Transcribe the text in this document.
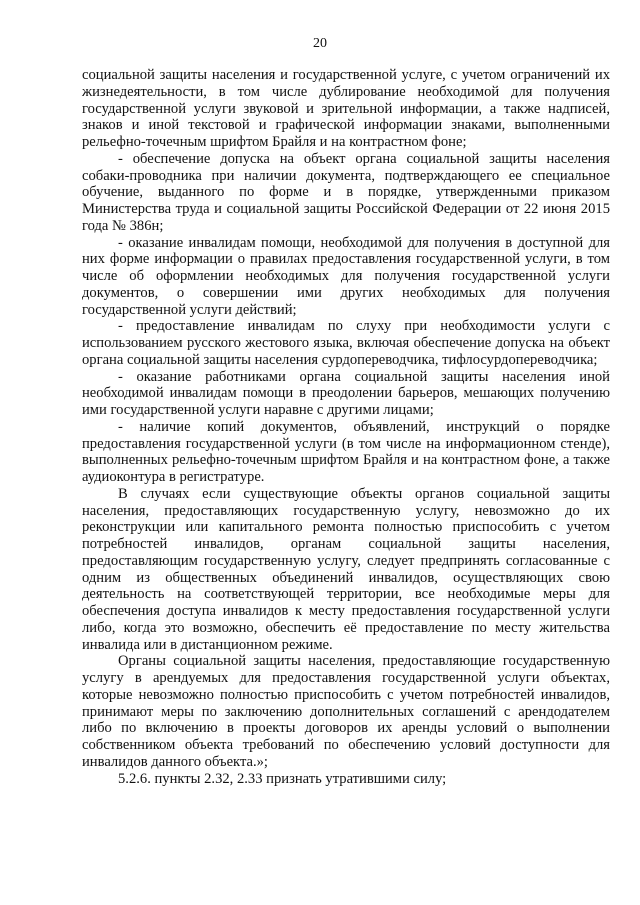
20

социальной защиты населения и государственной услуге, с учетом ограничений их жизнедеятельности, в том числе дублирование необходимой для получения государственной услуги звуковой и зрительной информации, а также надписей, знаков и иной текстовой и графической информации знаками, выполненными рельефно-точечным шрифтом Брайля и на контрастном фоне;

- обеспечение допуска на объект органа социальной защиты населения собаки-проводника при наличии документа, подтверждающего ее специальное обучение, выданного по форме и в порядке, утвержденными приказом Министерства труда и социальной защиты Российской Федерации от 22 июня 2015 года № 386н;

- оказание инвалидам помощи, необходимой для получения в доступной для них форме информации о правилах предоставления государственной услуги, в том числе об оформлении необходимых для получения государственной услуги документов, о совершении ими других необходимых для получения государственной услуги действий;

- предоставление инвалидам по слуху при необходимости услуги с использованием русского жестового языка, включая обеспечение допуска на объект органа социальной защиты населения сурдопереводчика, тифлосурдопереводчика;

- оказание работниками органа социальной защиты населения иной необходимой инвалидам помощи в преодолении барьеров, мешающих получению ими государственной услуги наравне с другими лицами;

- наличие копий документов, объявлений, инструкций о порядке предоставления государственной услуги (в том числе на информационном стенде), выполненных рельефно-точечным шрифтом Брайля и на контрастном фоне, а также аудиоконтура в регистратуре.

В случаях если существующие объекты органов социальной защиты населения, предоставляющих государственную услугу, невозможно до их реконструкции или капитального ремонта полностью приспособить с учетом потребностей инвалидов, органам социальной защиты населения, предоставляющим государственную услугу, следует предпринять согласованные с одним из общественных объединений инвалидов, осуществляющих свою деятельность на соответствующей территории, все необходимые меры для обеспечения доступа инвалидов к месту предоставления государственной услуги либо, когда это возможно, обеспечить её предоставление по месту жительства инвалида или в дистанционном режиме.

Органы социальной защиты населения, предоставляющие государственную услугу в арендуемых для предоставления государственной услуги объектах, которые невозможно полностью приспособить с учетом потребностей инвалидов, принимают меры по заключению дополнительных соглашений с арендодателем либо по включению в проекты договоров их аренды условий о выполнении собственником объекта требований по обеспечению условий доступности для инвалидов данного объекта.»;

5.2.6. пункты 2.32, 2.33 признать утратившими силу;
